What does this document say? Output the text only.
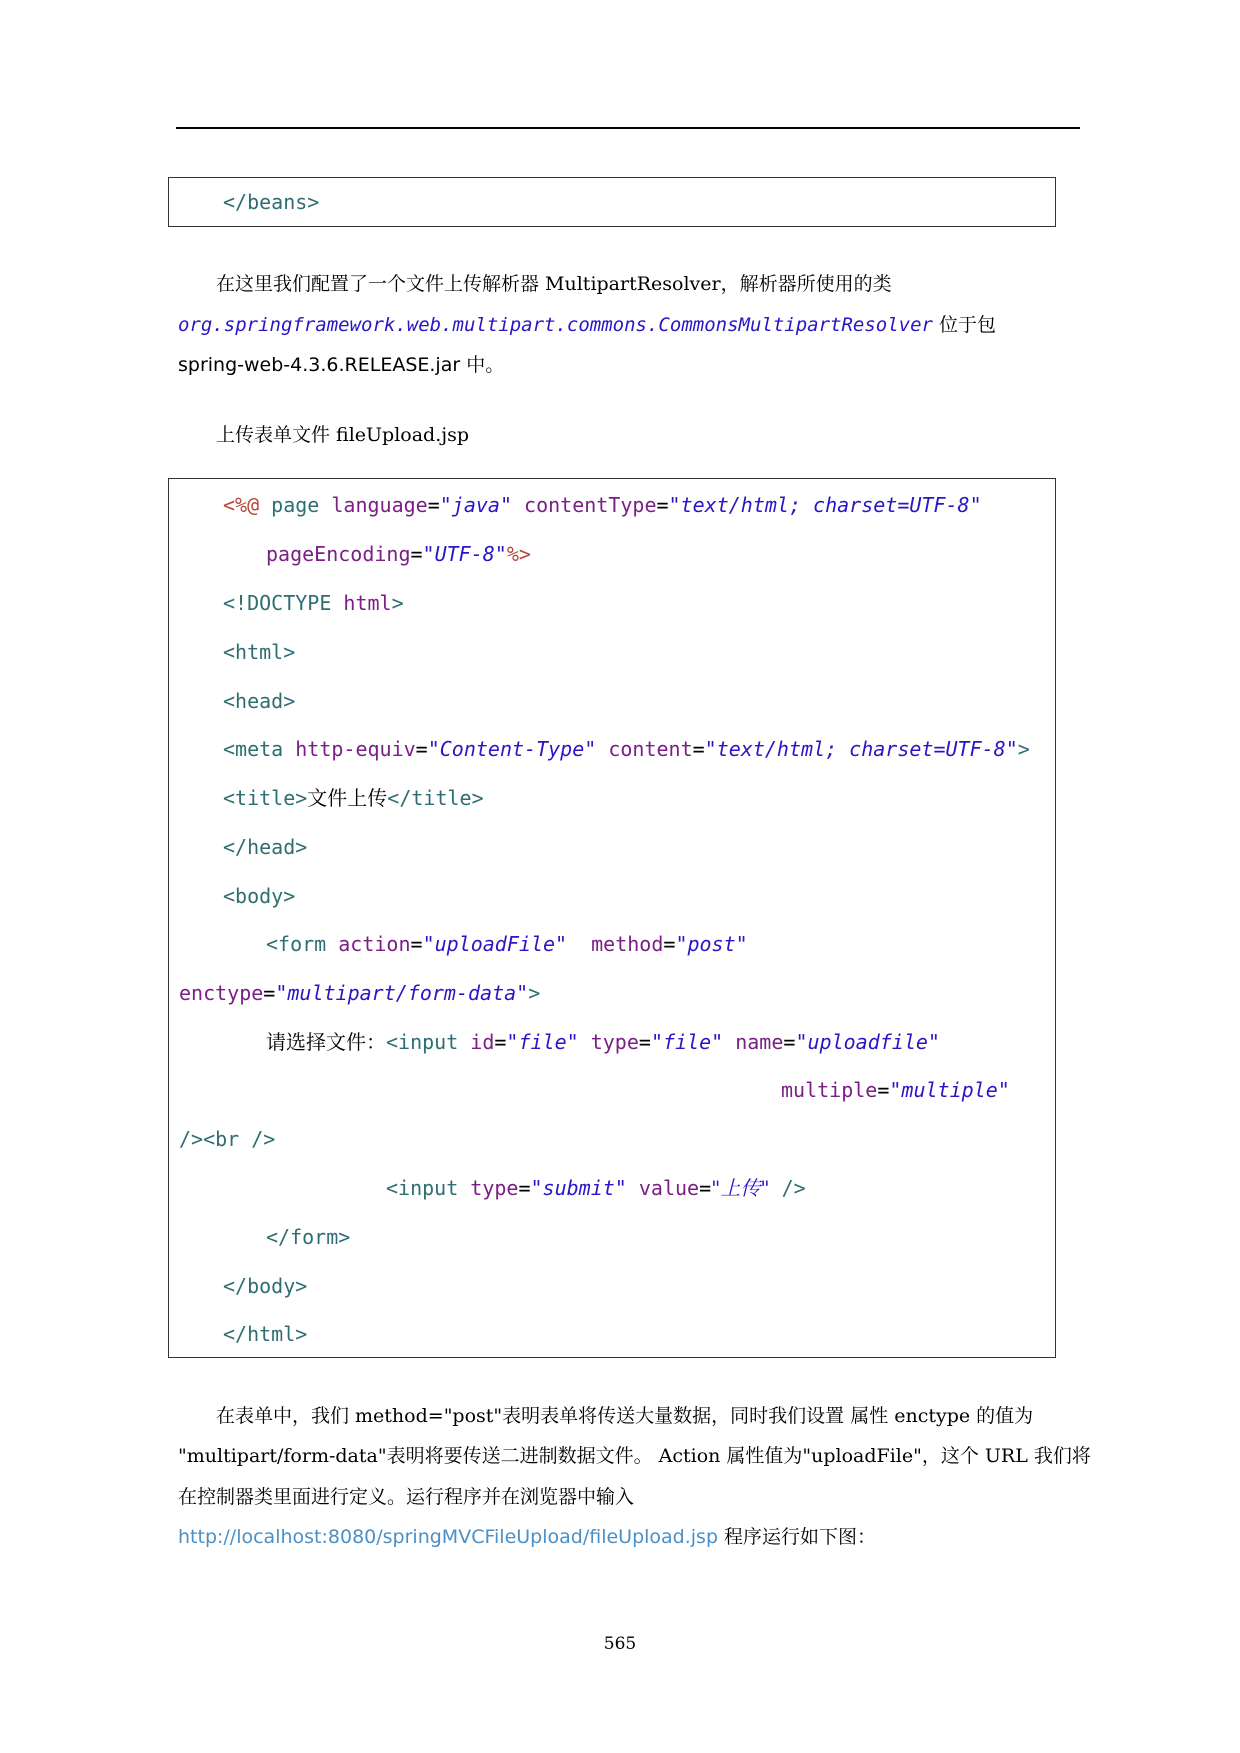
</beans>

在这里我们配置了一个文件上传解析器 MultipartResolver，解析器所使用的类
org.springframework.web.multipart.commons.CommonsMultipartResolver 位于包
spring-web-4.3.6.RELEASE.jar 中。
上传表单文件 fileUpload.jsp

<%@ page language="java" contentType="text/html; charset=UTF-8"

pageEncoding="UTF-8"%>

<!DOCTYPE html>

<html>

<head>

<meta http-equiv="Content-Type" content="text/html; charset=UTF-8">

<title>文件上传</title>

</head>

<body>

<form action="uploadFile"  method="post"

enctype="multipart/form-data">

请选择文件：<input id="file" type="file" name="uploadfile"

multiple="multiple"

/><br />

<input type="submit" value="上传" />

</form>

</body>

</html>

在表单中，我们 method="post"表明表单将传送大量数据，同时我们设置 属性 enctype 的值为
"multipart/form-data"表明将要传送二进制数据文件。 Action 属性值为"uploadFile"，这个 URL 我们将
在控制器类里面进行定义。运行程序并在浏览器中输入
http://localhost:8080/springMVCFileUpload/fileUpload.jsp 程序运行如下图：
565
